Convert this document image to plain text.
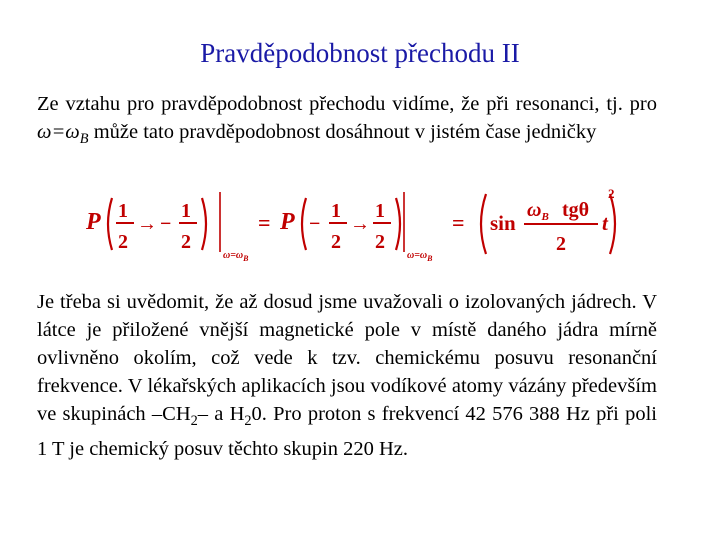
Pravděpodobnost přechodu II
Ze vztahu pro pravděpodobnost přechodu vidíme, že při resonanci, tj. pro $\omega=\omega_B$ může tato pravděpodobnost dosáhnout v jistém čase jedničky
P 1
2
→ −
1
2
$\omega=\omega_B$
= P −
1
2
→
1
2
$\omega=\omega_B$
= sin
$\omega_B$ tgθ
2
t
2
Je třeba si uvědomit, že až dosud jsme uvažovali o izolovaných jádrech. V látce je přiložené vnější magnetické pole v místě daného jádra mírně ovlivněno okolím, což vede k tzv. chemickému posuvu resonanční frekvence. V lékařských aplikacích jsou vodíkové atomy vázány především ve skupinách $-CH_2-$ a $H_20$. Pro proton s frekvencí 42 576 388 Hz při poli 1 T je chemický posuv těchto skupin 220 Hz.
